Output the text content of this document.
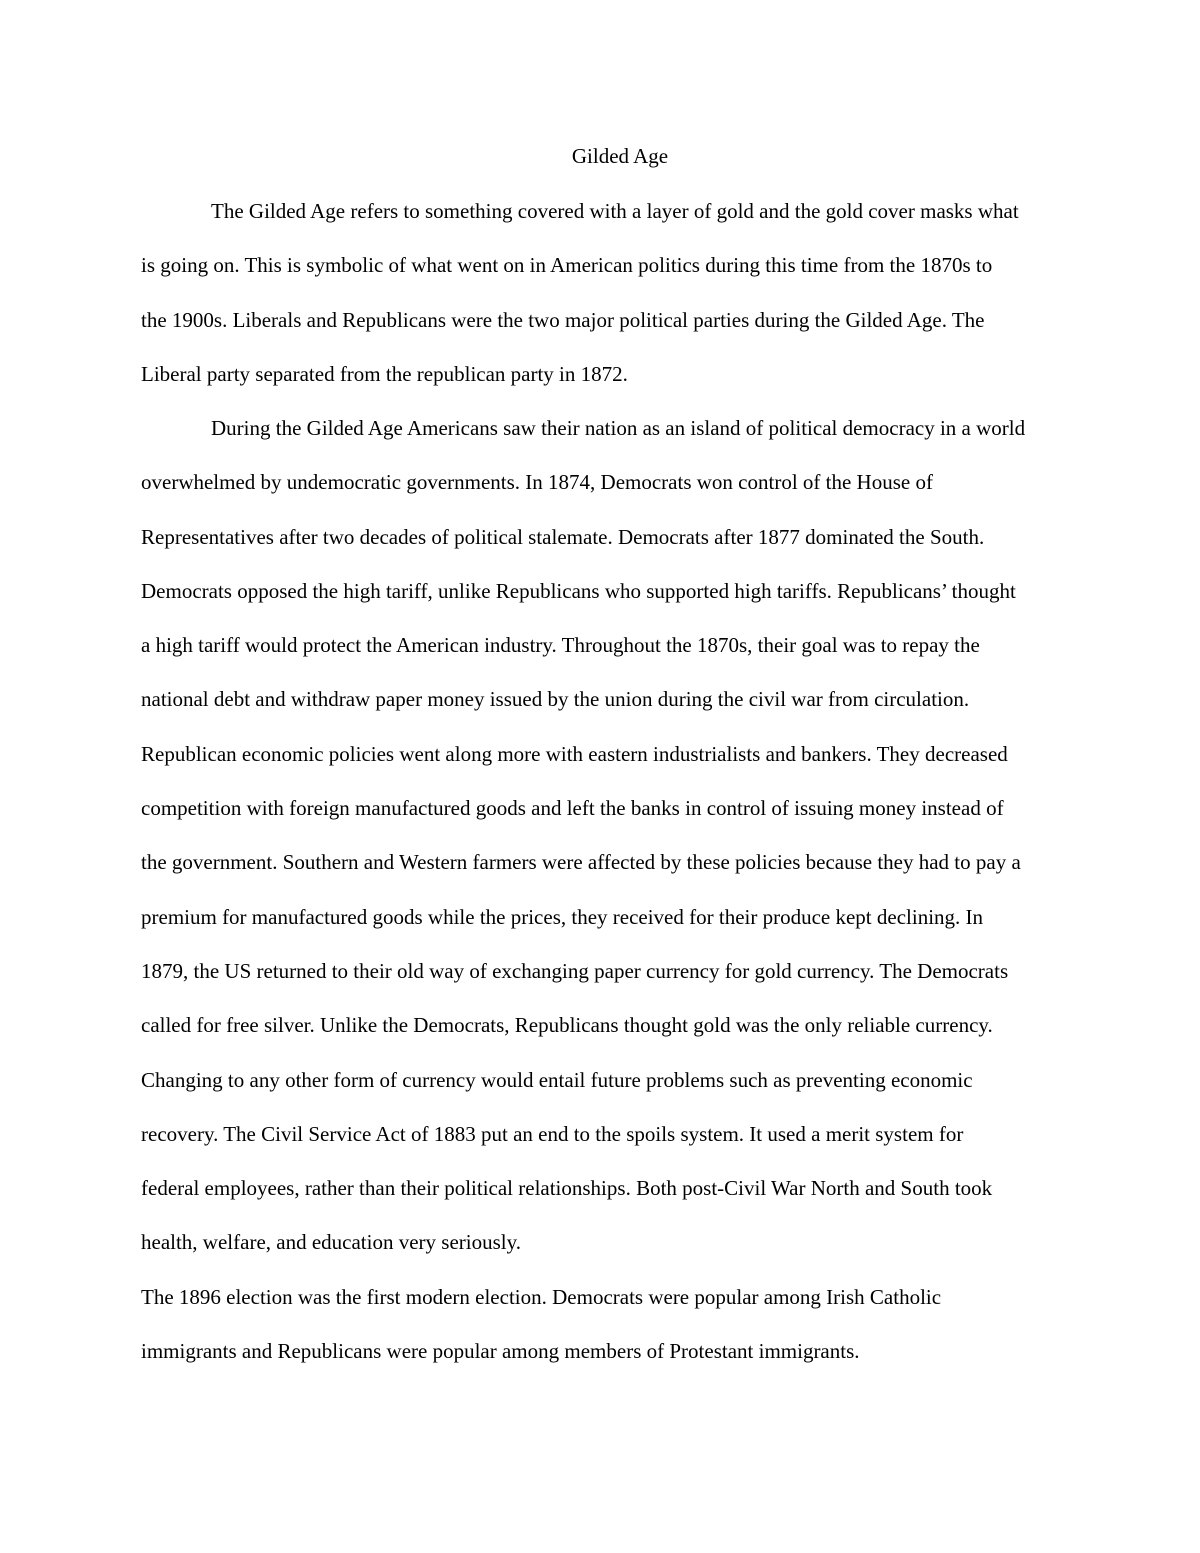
Gilded Age

The Gilded Age refers to something covered with a layer of gold and the gold cover masks what
is going on. This is symbolic of what went on in American politics during this time from the 1870s to
the 1900s. Liberals and Republicans were the two major political parties during the Gilded Age. The
Liberal party separated from the republican party in 1872.

During the Gilded Age Americans saw their nation as an island of political democracy in a world
overwhelmed by undemocratic governments. In 1874, Democrats won control of the House of
Representatives after two decades of political stalemate. Democrats after 1877 dominated the South.
Democrats opposed the high tariff, unlike Republicans who supported high tariffs. Republicans’ thought
a high tariff would protect the American industry. Throughout the 1870s, their goal was to repay the
national debt and withdraw paper money issued by the union during the civil war from circulation.
Republican economic policies went along more with eastern industrialists and bankers. They decreased
competition with foreign manufactured goods and left the banks in control of issuing money instead of
the government. Southern and Western farmers were affected by these policies because they had to pay a
premium for manufactured goods while the prices, they received for their produce kept declining. In
1879, the US returned to their old way of exchanging paper currency for gold currency. The Democrats
called for free silver. Unlike the Democrats, Republicans thought gold was the only reliable currency.
Changing to any other form of currency would entail future problems such as preventing economic
recovery. The Civil Service Act of 1883 put an end to the spoils system. It used a merit system for
federal employees, rather than their political relationships. Both post-Civil War North and South took
health, welfare, and education very seriously.

The 1896 election was the first modern election. Democrats were popular among Irish Catholic
immigrants and Republicans were popular among members of Protestant immigrants.
